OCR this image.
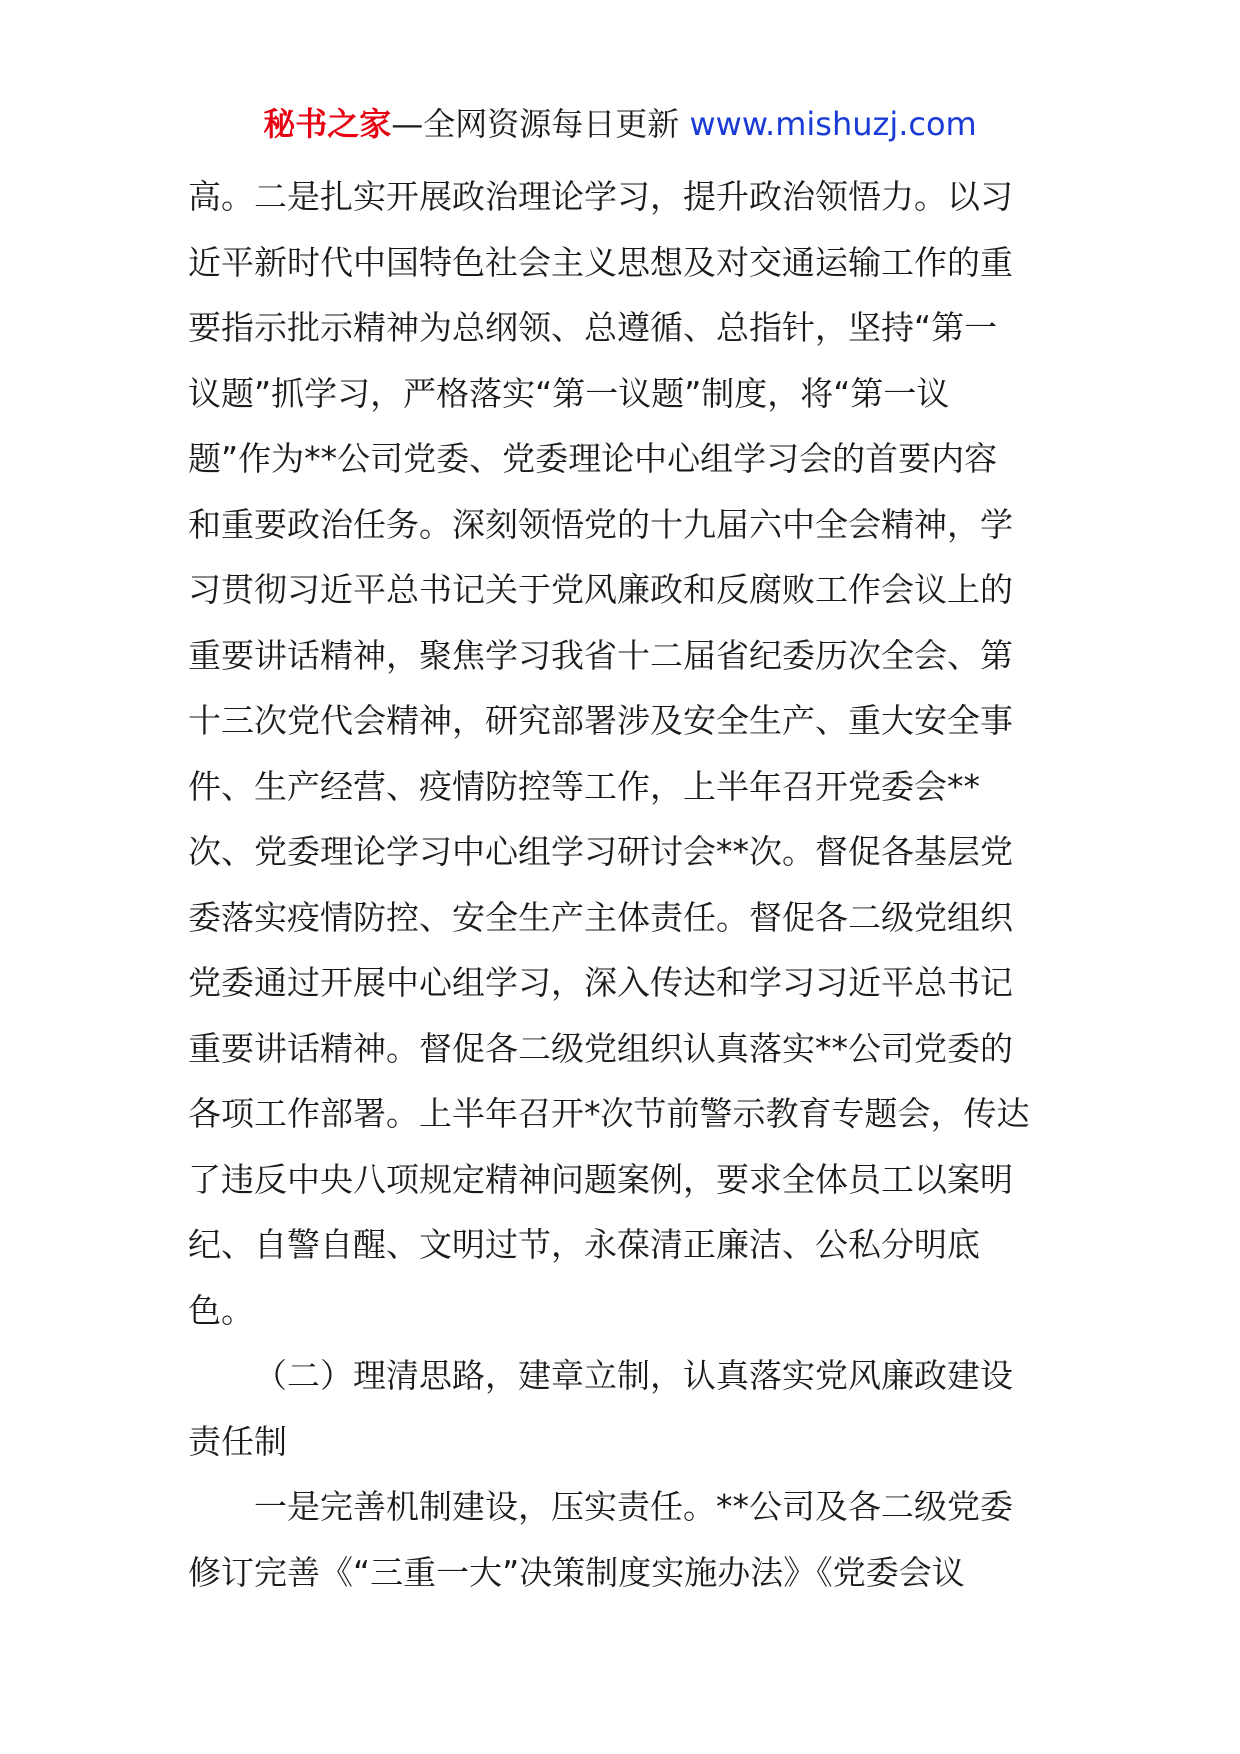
秘书之家—全网资源每日更新 www.mishuzj.com
高。二是扎实开展政治理论学习，提升政治领悟力。以习
近平新时代中国特色社会主义思想及对交通运输工作的重
要指示批示精神为总纲领、总遵循、总指针，坚持“第一
议题”抓学习，严格落实“第一议题”制度，将“第一议
题”作为**公司党委、党委理论中心组学习会的首要内容
和重要政治任务。深刻领悟党的十九届六中全会精神，学
习贯彻习近平总书记关于党风廉政和反腐败工作会议上的
重要讲话精神，聚焦学习我省十二届省纪委历次全会、第
十三次党代会精神，研究部署涉及安全生产、重大安全事
件、生产经营、疫情防控等工作，上半年召开党委会**
次、党委理论学习中心组学习研讨会**次。督促各基层党
委落实疫情防控、安全生产主体责任。督促各二级党组织
党委通过开展中心组学习，深入传达和学习习近平总书记
重要讲话精神。督促各二级党组织认真落实**公司党委的
各项工作部署。上半年召开*次节前警示教育专题会，传达
了违反中央八项规定精神问题案例，要求全体员工以案明
纪、自警自醒、文明过节，永葆清正廉洁、公私分明底
色。
（二）理清思路，建章立制，认真落实党风廉政建设
责任制
一是完善机制建设，压实责任。**公司及各二级党委
修订完善《“三重一大”决策制度实施办法》《党委会议
